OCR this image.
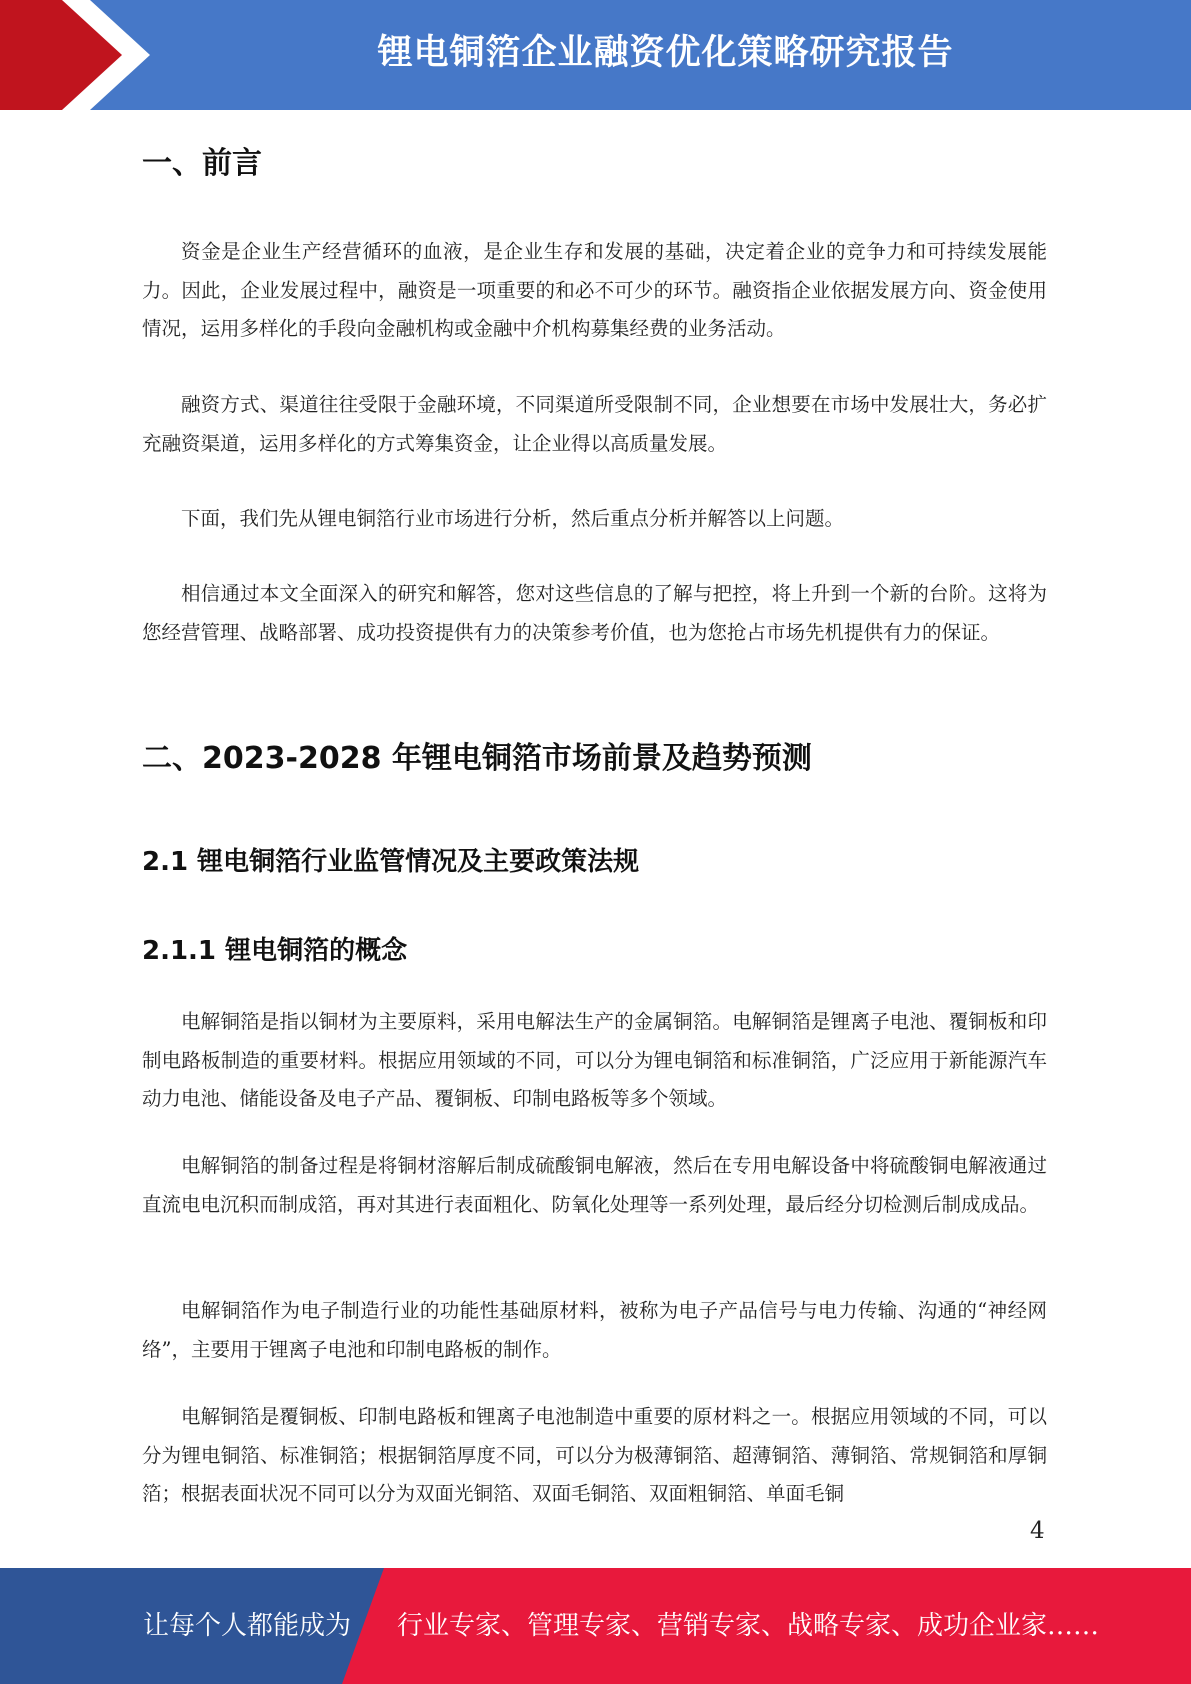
锂电铜箔企业融资优化策略研究报告
一、前言
资金是企业生产经营循环的血液，是企业生存和发展的基础，决定着企业的竞争力和可持续发展能力。因此，企业发展过程中，融资是一项重要的和必不可少的环节。融资指企业依据发展方向、资金使用情况，运用多样化的手段向金融机构或金融中介机构募集经费的业务活动。
融资方式、渠道往往受限于金融环境，不同渠道所受限制不同，企业想要在市场中发展壮大，务必扩充融资渠道，运用多样化的方式筹集资金，让企业得以高质量发展。
下面，我们先从锂电铜箔行业市场进行分析，然后重点分析并解答以上问题。
相信通过本文全面深入的研究和解答，您对这些信息的了解与把控，将上升到一个新的台阶。这将为您经营管理、战略部署、成功投资提供有力的决策参考价值，也为您抢占市场先机提供有力的保证。
二、2023-2028 年锂电铜箔市场前景及趋势预测
2.1 锂电铜箔行业监管情况及主要政策法规
2.1.1 锂电铜箔的概念
电解铜箔是指以铜材为主要原料，采用电解法生产的金属铜箔。电解铜箔是锂离子电池、覆铜板和印制电路板制造的重要材料。根据应用领域的不同，可以分为锂电铜箔和标准铜箔，广泛应用于新能源汽车动力电池、储能设备及电子产品、覆铜板、印制电路板等多个领域。
电解铜箔的制备过程是将铜材溶解后制成硫酸铜电解液，然后在专用电解设备中将硫酸铜电解液通过直流电电沉积而制成箔，再对其进行表面粗化、防氧化处理等一系列处理，最后经分切检测后制成成品。
电解铜箔作为电子制造行业的功能性基础原材料，被称为电子产品信号与电力传输、沟通的“神经网络”，主要用于锂离子电池和印制电路板的制作。
电解铜箔是覆铜板、印制电路板和锂离子电池制造中重要的原材料之一。根据应用领域的不同，可以分为锂电铜箔、标准铜箔；根据铜箔厚度不同，可以分为极薄铜箔、超薄铜箔、薄铜箔、常规铜箔和厚铜箔；根据表面状况不同可以分为双面光铜箔、双面毛铜箔、双面粗铜箔、单面毛铜
4
让每个人都能成为 行业专家、管理专家、营销专家、战略专家、成功企业家……
